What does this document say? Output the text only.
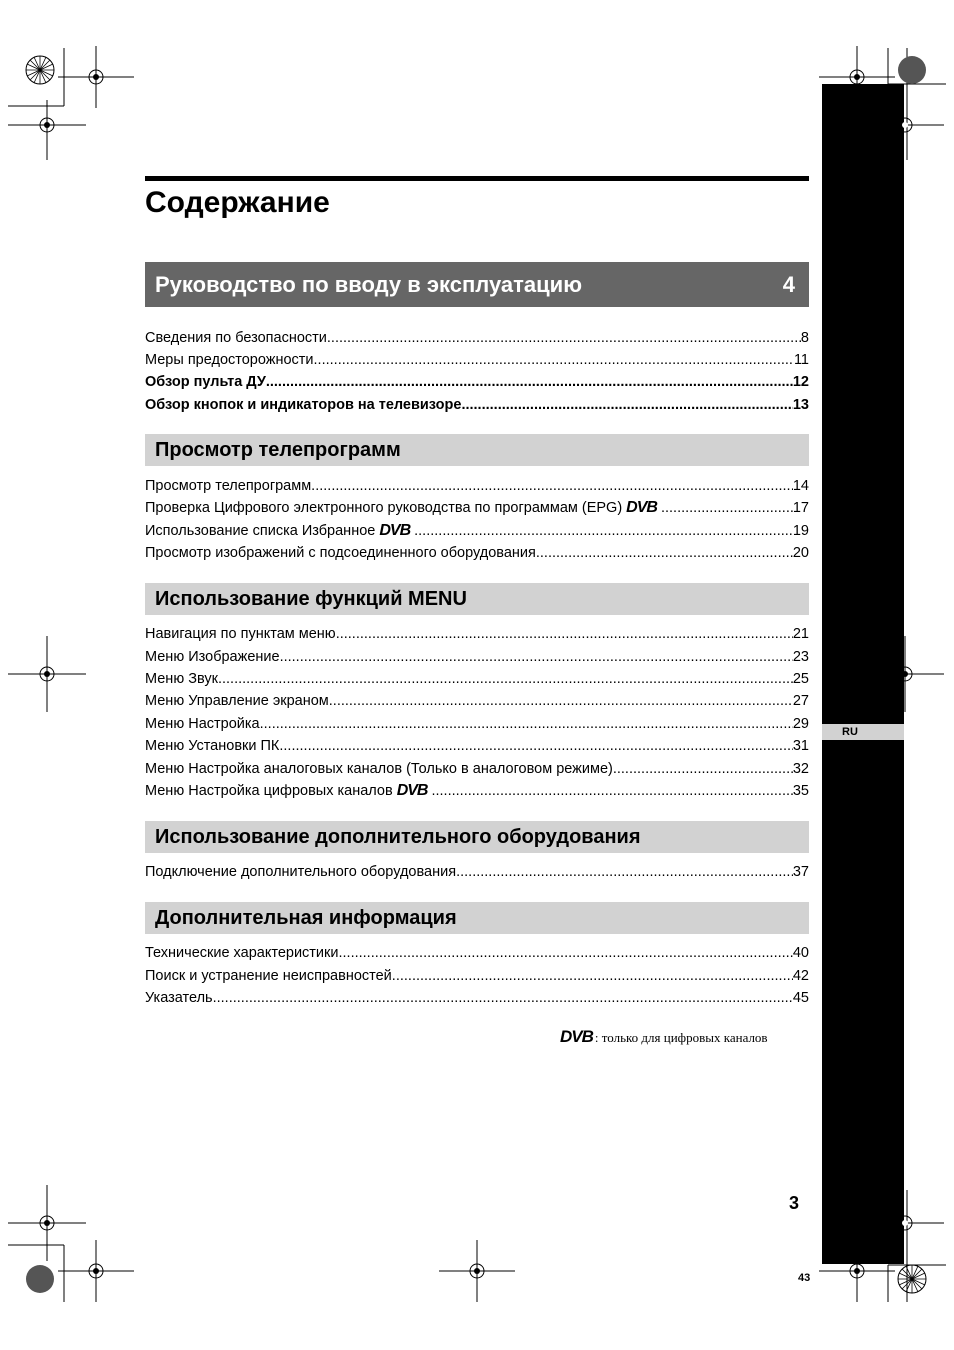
RU
Содержание
Руководство по вводу в эксплуатацию	4
Сведения по безопасности .....	8
Меры предосторожности .....	11
Обзор пульта ДУ .....	12
Обзор кнопок и индикаторов на телевизоре .....	13
Просмотр телепрограмм
Просмотр телепрограмм .....	14
Проверка Цифрового электронного руководства по программам (EPG) DVB .....	17
Использование списка Избранное DVB .....	19
Просмотр изображений с подсоединенного оборудования .....	20
Использование функций MENU
Навигация по пунктам меню .....	21
Меню Изображение .....	23
Меню Звук .....	25
Меню Управление экраном .....	27
Меню Настройка .....	29
Меню Установки ПК .....	31
Меню Настройка аналоговых каналов (Только в аналоговом режиме) .....	32
Меню Настройка цифровых каналов DVB .....	35
Использование дополнительного оборудования
Подключение дополнительного оборудования .....	37
Дополнительная информация
Технические характеристики .....	40
Поиск и устранение неисправностей .....	42
Указатель .....	45
DVB : только для цифровых каналов
3
43
